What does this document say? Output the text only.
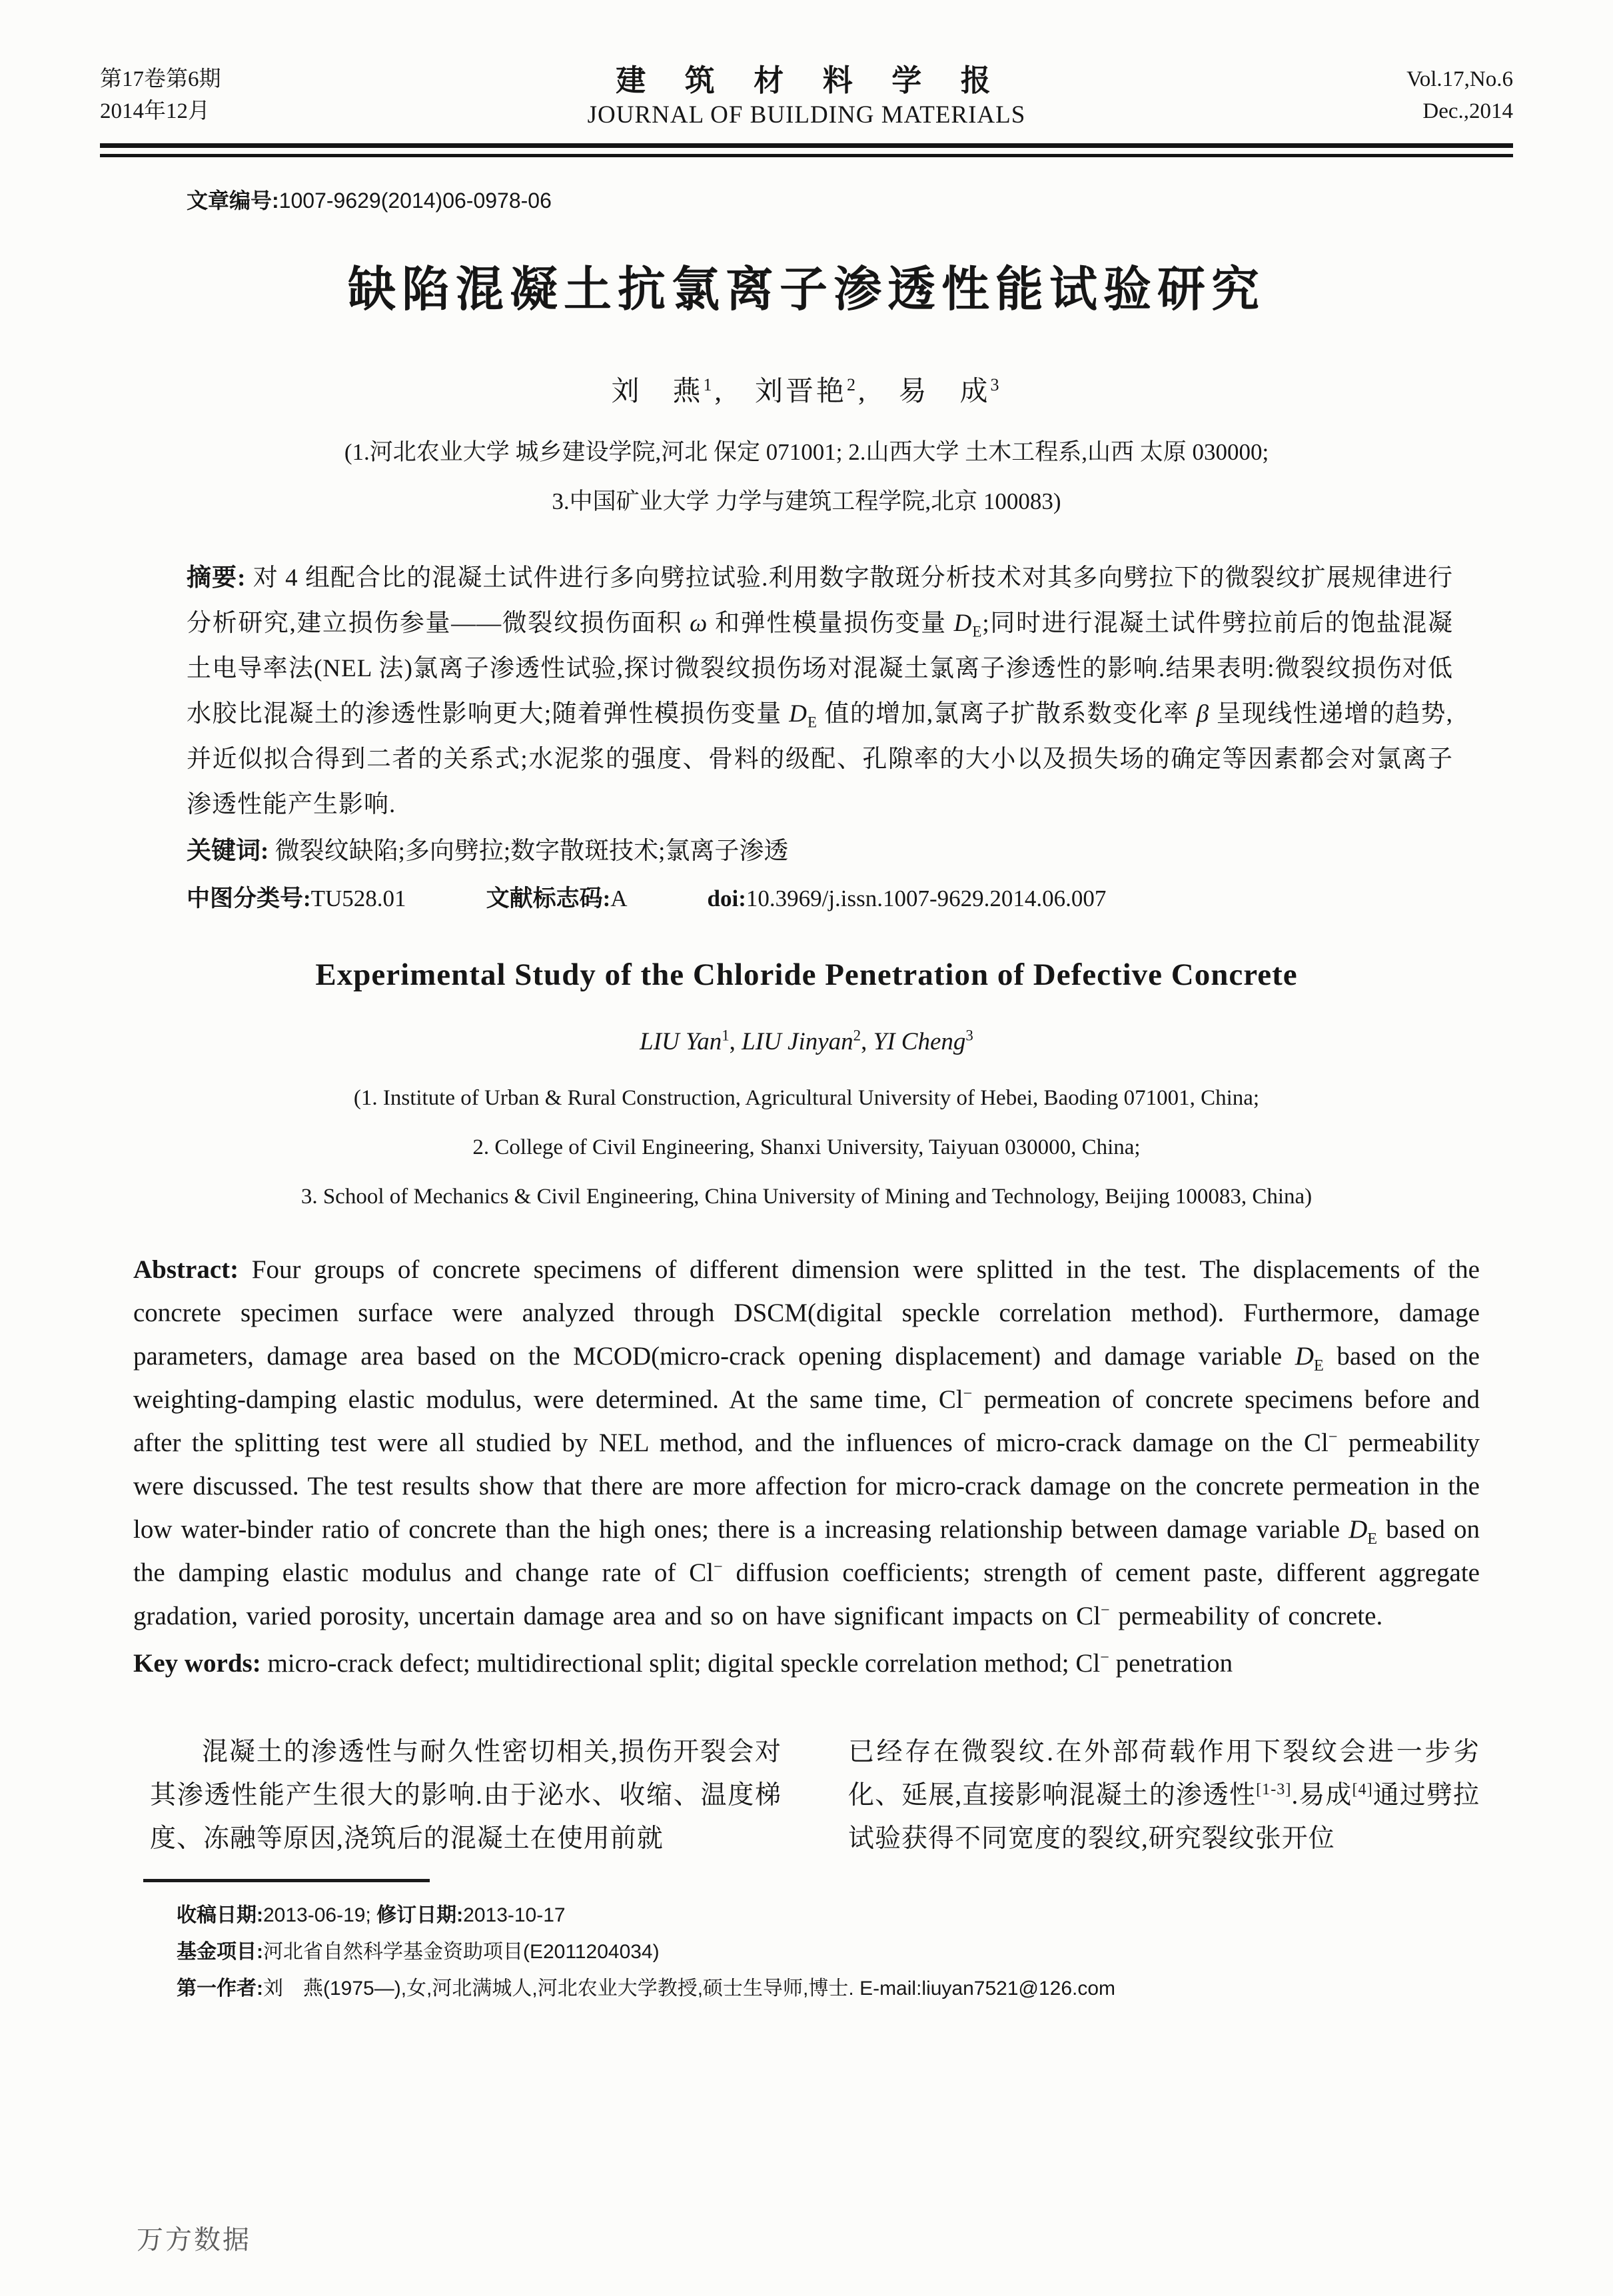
第17卷第6期
2014年12月
建 筑 材 料 学 报
JOURNAL OF BUILDING MATERIALS
Vol.17,No.6
Dec.,2014
文章编号:1007-9629(2014)06-0978-06
缺陷混凝土抗氯离子渗透性能试验研究
刘　燕$^1$,　刘晋艳$^2$,　易　成$^3$
(1.河北农业大学 城乡建设学院,河北 保定 071001; 2.山西大学 土木工程系,山西 太原 030000;
3.中国矿业大学 力学与建筑工程学院,北京 100083)
摘要: 对 4 组配合比的混凝土试件进行多向劈拉试验.利用数字散斑分析技术对其多向劈拉下的微裂纹扩展规律进行分析研究,建立损伤参量——微裂纹损伤面积 ω 和弹性模量损伤变量 $D_E$;同时进行混凝土试件劈拉前后的饱盐混凝土电导率法(NEL 法)氯离子渗透性试验,探讨微裂纹损伤场对混凝土氯离子渗透性的影响.结果表明:微裂纹损伤对低水胶比混凝土的渗透性影响更大;随着弹性模损伤变量 $D_E$ 值的增加,氯离子扩散系数变化率 β 呈现线性递增的趋势,并近似拟合得到二者的关系式;水泥浆的强度、骨料的级配、孔隙率的大小以及损失场的确定等因素都会对氯离子渗透性能产生影响.
关键词: 微裂纹缺陷;多向劈拉;数字散斑技术;氯离子渗透
中图分类号:TU528.01	文献标志码:A	doi:10.3969/j.issn.1007-9629.2014.06.007
Experimental Study of the Chloride Penetration of Defective Concrete
LIU Yan$^1$, LIU Jinyan$^2$, YI Cheng$^3$
(1. Institute of Urban & Rural Construction, Agricultural University of Hebei, Baoding 071001, China;
2. College of Civil Engineering, Shanxi University, Taiyuan 030000, China;
3. School of Mechanics & Civil Engineering, China University of Mining and Technology, Beijing 100083, China)
Abstract: Four groups of concrete specimens of different dimension were splitted in the test. The displacements of the concrete specimen surface were analyzed through DSCM(digital speckle correlation method). Furthermore, damage parameters, damage area based on the MCOD(micro-crack opening displacement) and damage variable $D_E$ based on the weighting-damping elastic modulus, were determined. At the same time, Cl− permeation of concrete specimens before and after the splitting test were all studied by NEL method, and the influences of micro-crack damage on the Cl− permeability were discussed. The test results show that there are more affection for micro-crack damage on the concrete permeation in the low water-binder ratio of concrete than the high ones; there is a increasing relationship between damage variable $D_E$ based on the damping elastic modulus and change rate of Cl− diffusion coefficients; strength of cement paste, different aggregate gradation, varied porosity, uncertain damage area and so on have significant impacts on Cl− permeability of concrete.
Key words: micro-crack defect; multidirectional split; digital speckle correlation method; Cl− penetration
混凝土的渗透性与耐久性密切相关,损伤开裂会对其渗透性能产生很大的影响.由于泌水、收缩、温度梯度、冻融等原因,浇筑后的混凝土在使用前就
已经存在微裂纹.在外部荷载作用下裂纹会进一步劣化、延展,直接影响混凝土的渗透性[1-3].易成[4]通过劈拉试验获得不同宽度的裂纹,研究裂纹张开位
收稿日期:2013-06-19; 修订日期:2013-10-17
基金项目:河北省自然科学基金资助项目(E2011204034)
第一作者:刘　燕(1975—),女,河北满城人,河北农业大学教授,硕士生导师,博士. E-mail:liuyan7521@126.com
万方数据
